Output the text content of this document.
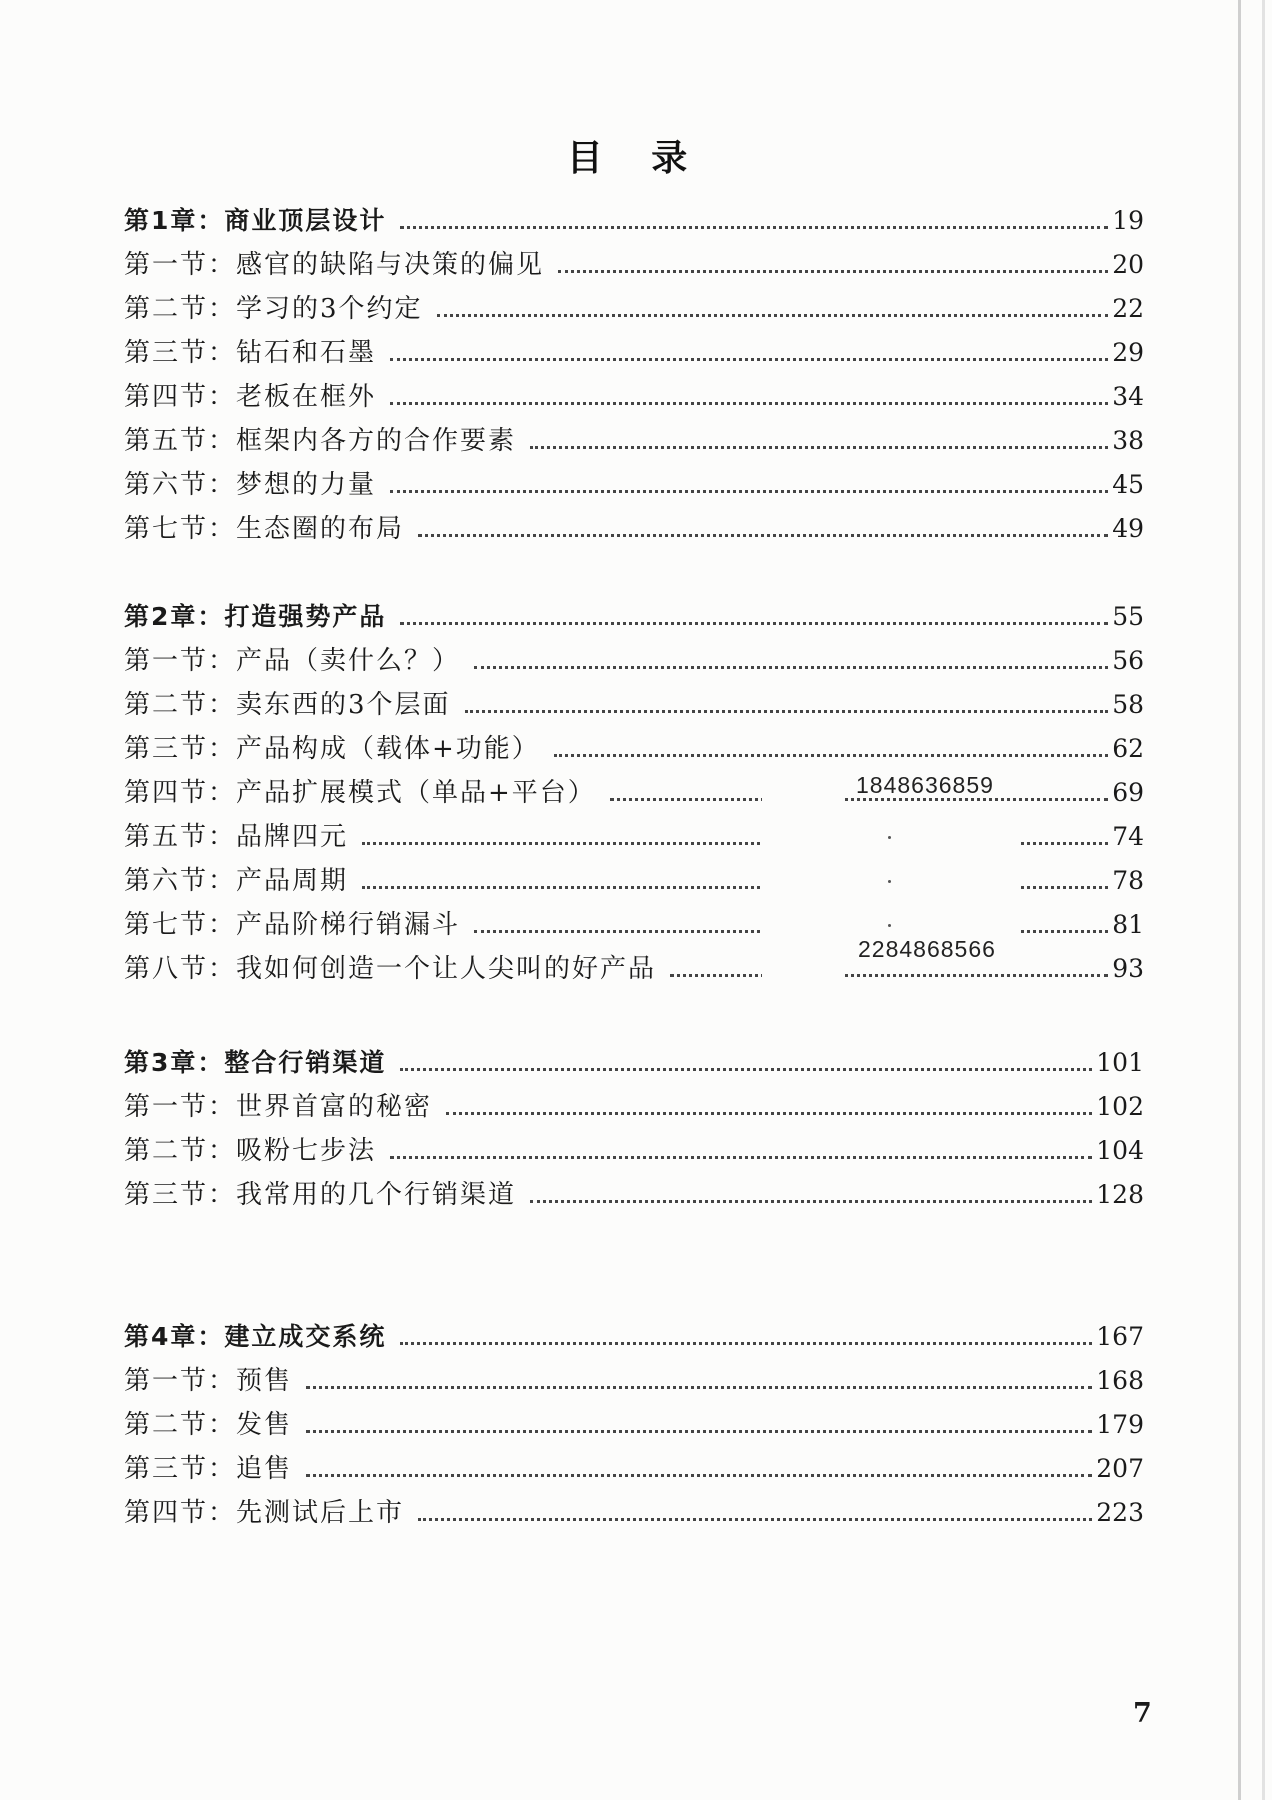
目 录
第1章：商业顶层设计	19
第一节：感官的缺陷与决策的偏见	20
第二节：学习的3个约定	22
第三节：钻石和石墨	29
第四节：老板在框外	34
第五节：框架内各方的合作要素	38
第六节：梦想的力量	45
第七节：生态圈的布局	49
第2章：打造强势产品	55
第一节：产品（卖什么？）	56
第二节：卖东西的3个层面	58
第三节：产品构成（载体+功能）	62
第四节：产品扩展模式（单品+平台）	69
第五节：品牌四元	74
第六节：产品周期	78
第七节：产品阶梯行销漏斗	81
第八节：我如何创造一个让人尖叫的好产品	93
1848636859
2284868566
第3章：整合行销渠道	101
第一节：世界首富的秘密	102
第二节：吸粉七步法	104
第三节：我常用的几个行销渠道	128
第4章：建立成交系统	167
第一节：预售	168
第二节：发售	179
第三节：追售	207
第四节：先测试后上市	223
7
